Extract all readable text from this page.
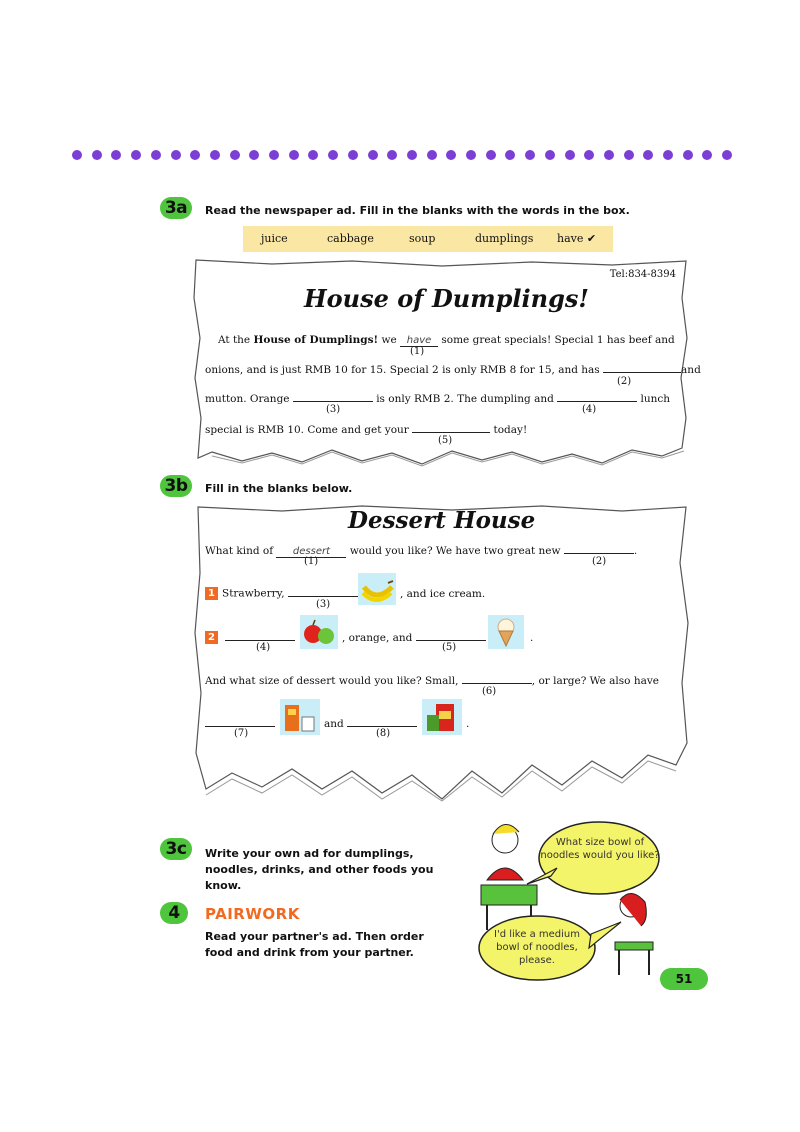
3a	Read the newspaper ad. Fill in the blanks with the words in the box.
juice	cabbage	soup	dumplings have ✔
Tel:834-8394
House of Dumplings!
At the House of Dumplings! we have some great specials! Special 1 has beef and
(1)
onions, and is just RMB 10 for 15. Special 2 is only RMB 8 for 15, and has	and
(2)
mutton. Orange	is only RMB 2. The dumpling and	lunch
(3)	(4)
special is RMB 10. Come and get your	today!
(5)
3b	Fill in the blanks below.
Dessert House
What kind of dessert would you like? We have two great new	.
(1)	(2)
1 Strawberry,	, and ice cream.
(3)
2	, orange, and	.
(4)	(5)
And what size of dessert would you like? Small,	, or large? We also have
(6)
and	.
(7)	(8)
3c	Write your own ad for dumplings, noodles, drinks, and other foods you know.
4	PAIRWORK
Read your partner's ad. Then order food and drink from your partner.
What size bowl of noodles would you like?
I'd like a medium bowl of noodles, please.
51
